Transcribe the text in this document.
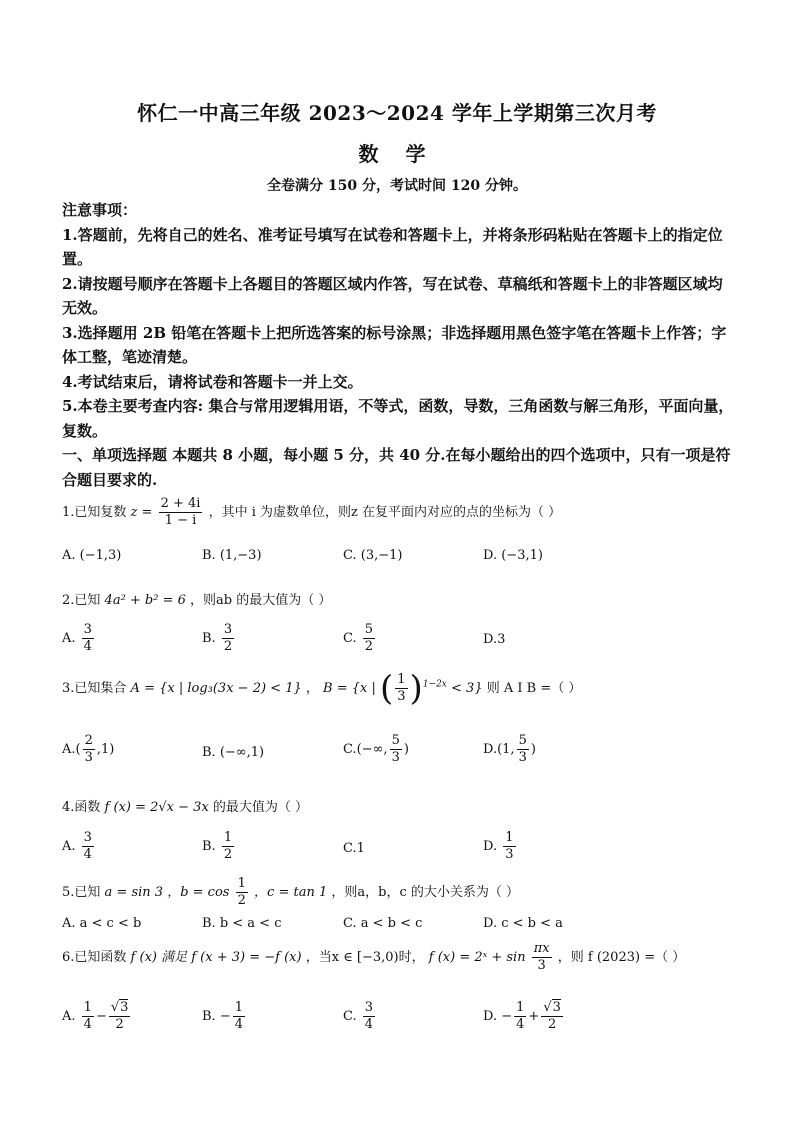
怀仁一中高三年级 2023～2024 学年上学期第三次月考
数 学
全卷满分 150 分，考试时间 120 分钟。

注意事项：

1.答题前，先将自己的姓名、准考证号填写在试卷和答题卡上，并将条形码粘贴在答题卡上的指定位置。

2.请按题号顺序在答题卡上各题目的答题区域内作答，写在试卷、草稿纸和答题卡上的非答题区域均无效。

3.选择题用 2B 铅笔在答题卡上把所选答案的标号涂黑；非选择题用黑色签字笔在答题卡上作答；字体工整，笔迹清楚。

4.考试结束后，请将试卷和答题卡一并上交。

5.本卷主要考查内容: 集合与常用逻辑用语，不等式，函数，导数，三角函数与解三角形，平面向量，复数。

一、单项选择题 本题共 8 小题，每小题 5 分，共 40 分.在每小题给出的四个选项中，只有一项是符合题目要求的.

1.已知复数 $z = \frac{2 + 4i}{1 - i}$ ，其中 i 为虚数单位，则z 在复平面内对应的点的坐标为（ ）
A. (−1,3)	B. (1,−3)	C. (3,−1)	D. (−3,1)
2.已知 4a² + b² = 6 ，则ab 的最大值为（ ）
A. $\frac{3}{4}$	B. $\frac{3}{2}$	C. $\frac{5}{2}$	D.3
3.已知集合 A = {x | log₃(3x − 2) < 1} ， B = {x | ( $\frac{1}{3} )^{1-2x} < 3$} 则 A I B =（ ）
$A.( \frac{2}{3} ,1)$	B. (−∞,1)	C.(−∞, $\frac{5}{3}$ )	D.(1, $\frac{5}{3}$ )
4.函数 f (x) = 2√x − 3x 的最大值为（ ）
A. $\frac{3}{4}$	B. $\frac{1}{2}$	C.1	D. $\frac{1}{3}$
5.已知 a = sin 3 ，$b = \cos \frac{1}{2}$ ，c = tan 1 ，则a，b，c 的大小关系为（ ）
A. a < c < b	B. b < a < c	C. a < b < c	D. c < b < a
6.已知函数 f (x) 满足 f (x + 3) = −f (x) ，当x ∈ [−3,0)时， f (x) = 2ˣ + $\sin \frac{\pi x}{3}$ ，则 f (2023) =（ ）
A. $\frac{1}{4} - \frac{√3}{2}$	B. − $\frac{1}{4}$	C. $\frac{3}{4}$	D. − $\frac{1}{4} + \frac{√3}{2}$
